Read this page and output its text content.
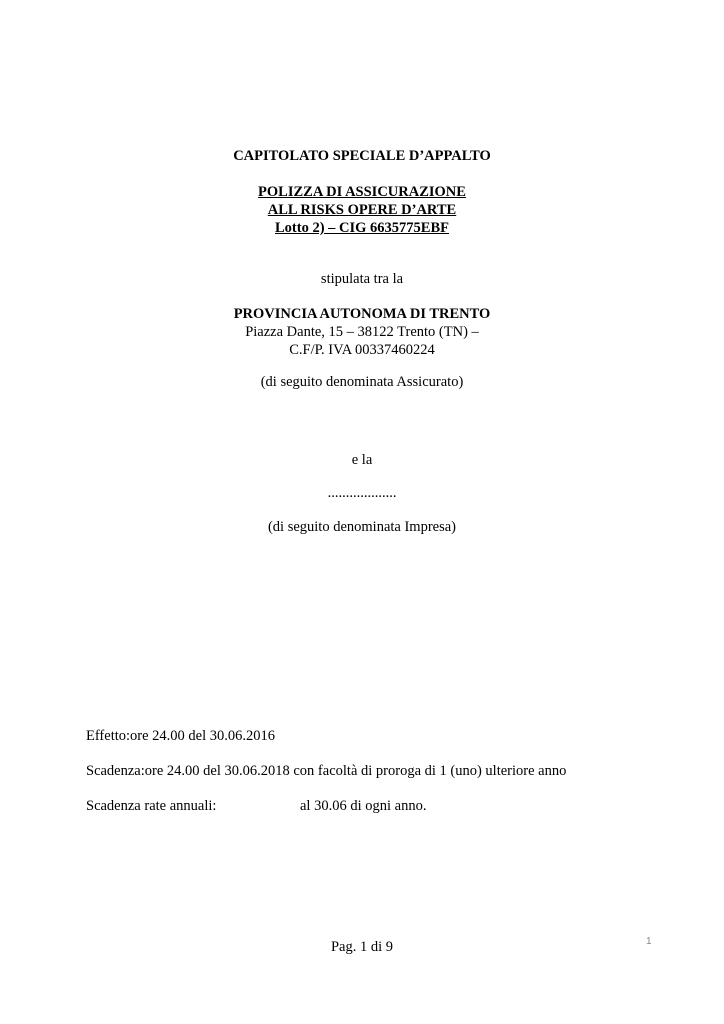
CAPITOLATO SPECIALE D’APPALTO
POLIZZA DI ASSICURAZIONE
ALL RISKS OPERE D’ARTE
Lotto 2) – CIG 6635775EBF
stipulata tra la
PROVINCIA AUTONOMA DI TRENTO
Piazza Dante, 15 – 38122 Trento (TN) –
C.F/P. IVA 00337460224
(di seguito denominata Assicurato)
e la
...................
(di seguito denominata Impresa)
Effetto:ore 24.00 del 30.06.2016
Scadenza:ore 24.00 del 30.06.2018 con facoltà di proroga di 1 (uno) ulteriore anno
Scadenza rate annuali:	al 30.06 di ogni anno.
Pag. 1 di 9	1
